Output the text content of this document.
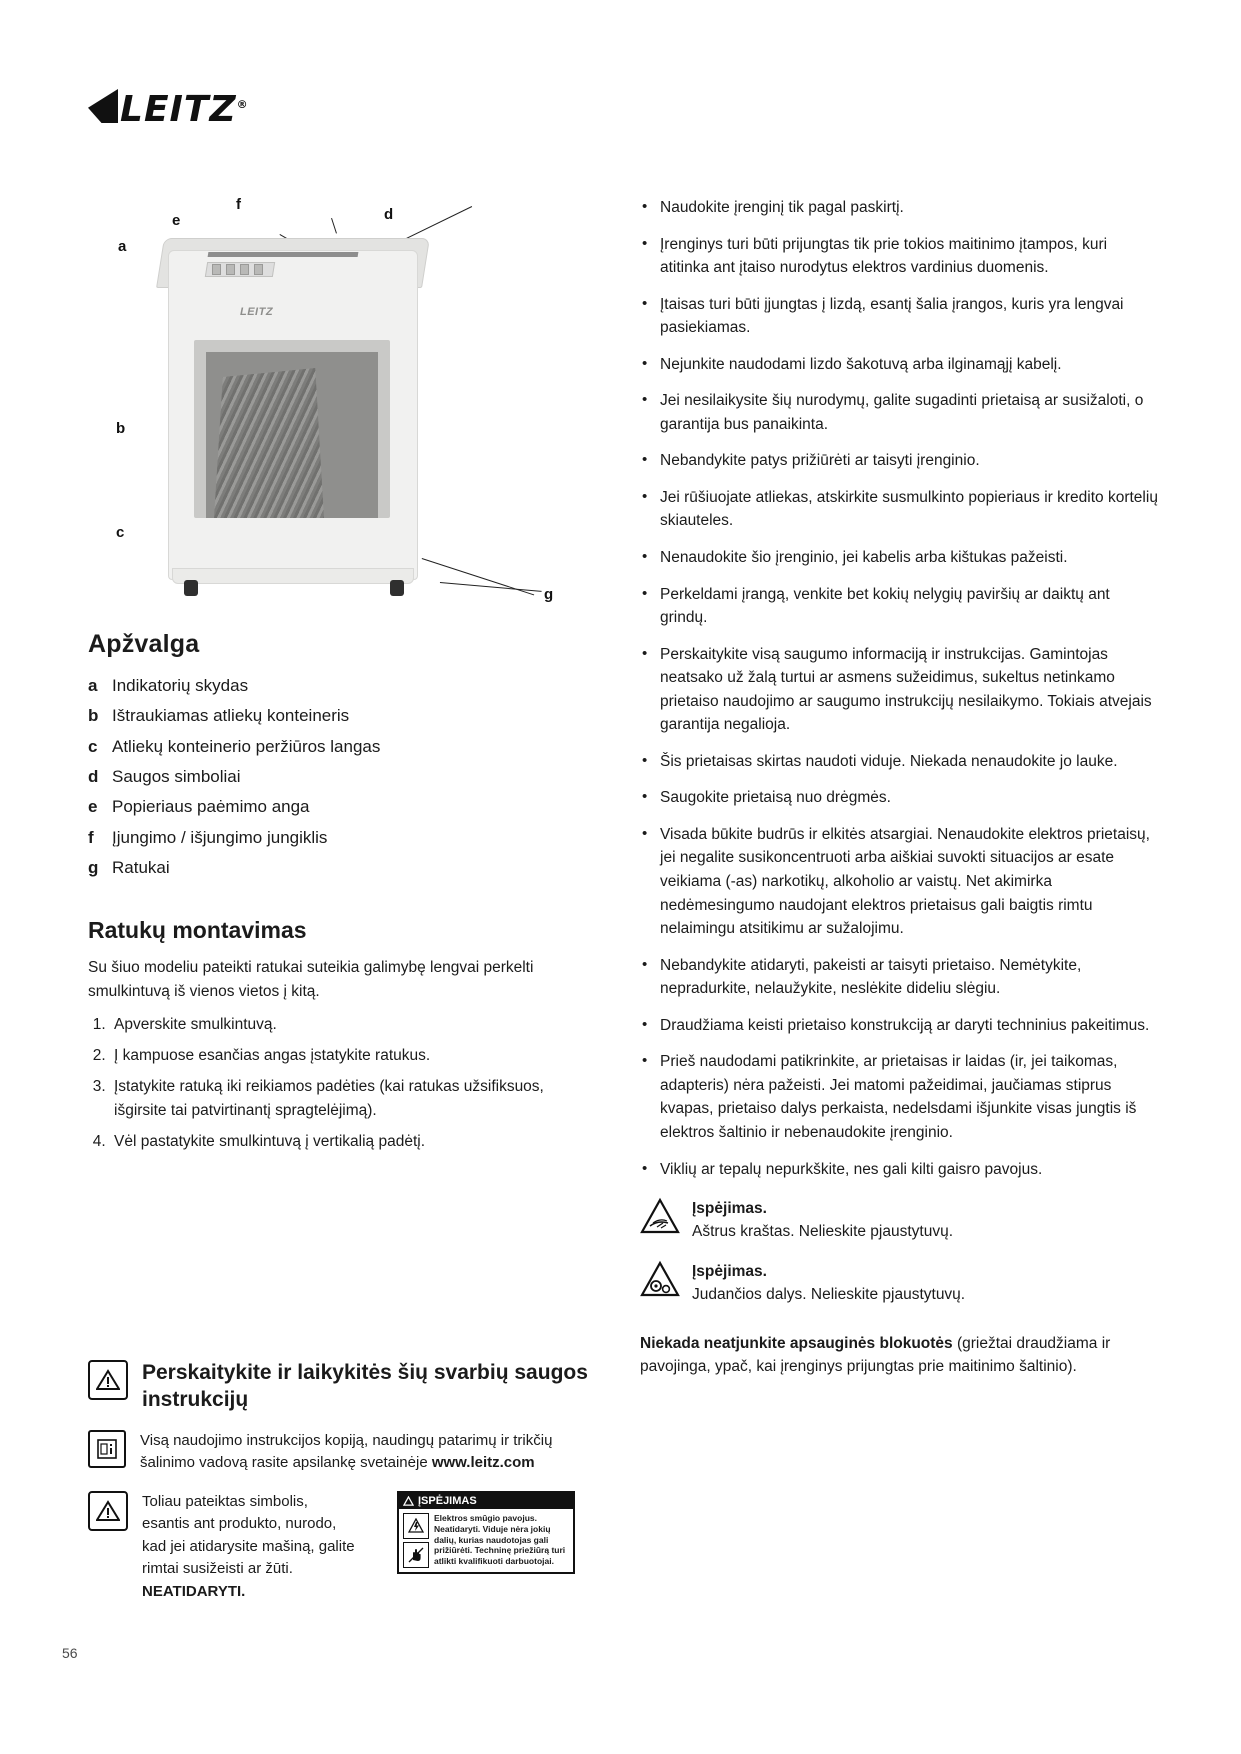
LEITZ®
LEITZ
a
b
c
d
e
f
g
Apžvalga
a Indikatorių skydas
b Ištraukiamas atliekų konteineris
c Atliekų konteinerio peržiūros langas
d Saugos simboliai
e Popieriaus paėmimo anga
f	Įjungimo / išjungimo jungiklis
g Ratukai
Ratukų montavimas

Su šiuo modeliu pateikti ratukai suteikia galimybę lengvai perkelti smulkintuvą iš vienos vietos į kitą.

1. Apverskite smulkintuvą.
2. Į kampuose esančias angas įstatykite ratukus.
3. Įstatykite ratuką iki reikiamos padėties (kai ratukas užsifiksuos, išgirsite tai patvirtinantį spragtelėjimą).
4. Vėl pastatykite smulkintuvą į vertikalią padėtį.
Perskaitykite ir laikykitės šių svarbių saugos instrukcijų
Visą naudojimo instrukcijos kopiją, naudingų patarimų ir trikčių šalinimo vadovą rasite apsilankę svetainėje www.leitz.com
Toliau pateiktas simbolis, esantis ant produkto, nurodo, kad jei atidarysite mašiną, galite rimtai susižeisti ar žūti. NEATIDARYTI.
ĮSPĖJIMAS
Elektros smūgio pavojus.
Neatidaryti. Viduje nėra jokių
dalių, kurias naudotojas gali
prižiūrėti. Techninę priežiūrą turi
atlikti kvalifikuoti darbuotojai.
56
• Naudokite įrenginį tik pagal paskirtį.
• Įrenginys turi būti prijungtas tik prie tokios maitinimo įtampos, kuri atitinka ant įtaiso nurodytus elektros vardinius duomenis.
• Įtaisas turi būti įjungtas į lizdą, esantį šalia įrangos, kuris yra lengvai pasiekiamas.
• Nejunkite naudodami lizdo šakotuvą arba ilginamąjį kabelį.
• Jei nesilaikysite šių nurodymų, galite sugadinti prietaisą ar susižaloti, o garantija bus panaikinta.
• Nebandykite patys prižiūrėti ar taisyti įrenginio.
• Jei rūšiuojate atliekas, atskirkite susmulkinto popieriaus ir kredito kortelių skiauteles.
• Nenaudokite šio įrenginio, jei kabelis arba kištukas pažeisti.
• Perkeldami įrangą, venkite bet kokių nelygių paviršių ar daiktų ant grindų.
• Perskaitykite visą saugumo informaciją ir instrukcijas. Gamintojas neatsako už žalą turtui ar asmens sužeidimus, sukeltus netinkamo prietaiso naudojimo ar saugumo instrukcijų nesilaikymo. Tokiais atvejais garantija negalioja.
• Šis prietaisas skirtas naudoti viduje. Niekada nenaudokite jo lauke.
• Saugokite prietaisą nuo drėgmės.
• Visada būkite budrūs ir elkitės atsargiai. Nenaudokite elektros prietaisų, jei negalite susikoncentruoti arba aiškiai suvokti situacijos ar esate veikiama (-as) narkotikų, alkoholio ar vaistų. Net akimirka nedėmesingumo naudojant elektros prietaisus gali baigtis rimtu nelaimingu atsitikimu ar sužalojimu.
• Nebandykite atidaryti, pakeisti ar taisyti prietaiso. Nemėtykite, nepradurkite, nelaužykite, neslėkite dideliu slėgiu.
• Draudžiama keisti prietaiso konstrukciją ar daryti techninius pakeitimus.
• Prieš naudodami patikrinkite, ar prietaisas ir laidas (ir, jei taikomas, adapteris) nėra pažeisti. Jei matomi pažeidimai, jaučiamas stiprus kvapas, prietaiso dalys perkaista, nedelsdami išjunkite visas jungtis iš elektros šaltinio ir nebenaudokite įrenginio.
• Viklių ar tepalų nepurkškite, nes gali kilti gaisro pavojus.
Įspėjimas.
Aštrus kraštas. Nelieskite pjaustytuvų.
Įspėjimas.
Judančios dalys. Nelieskite pjaustytuvų.
Niekada neatjunkite apsauginės blokuotės (griežtai draudžiama ir pavojinga, ypač, kai įrenginys prijungtas prie maitinimo šaltinio).
